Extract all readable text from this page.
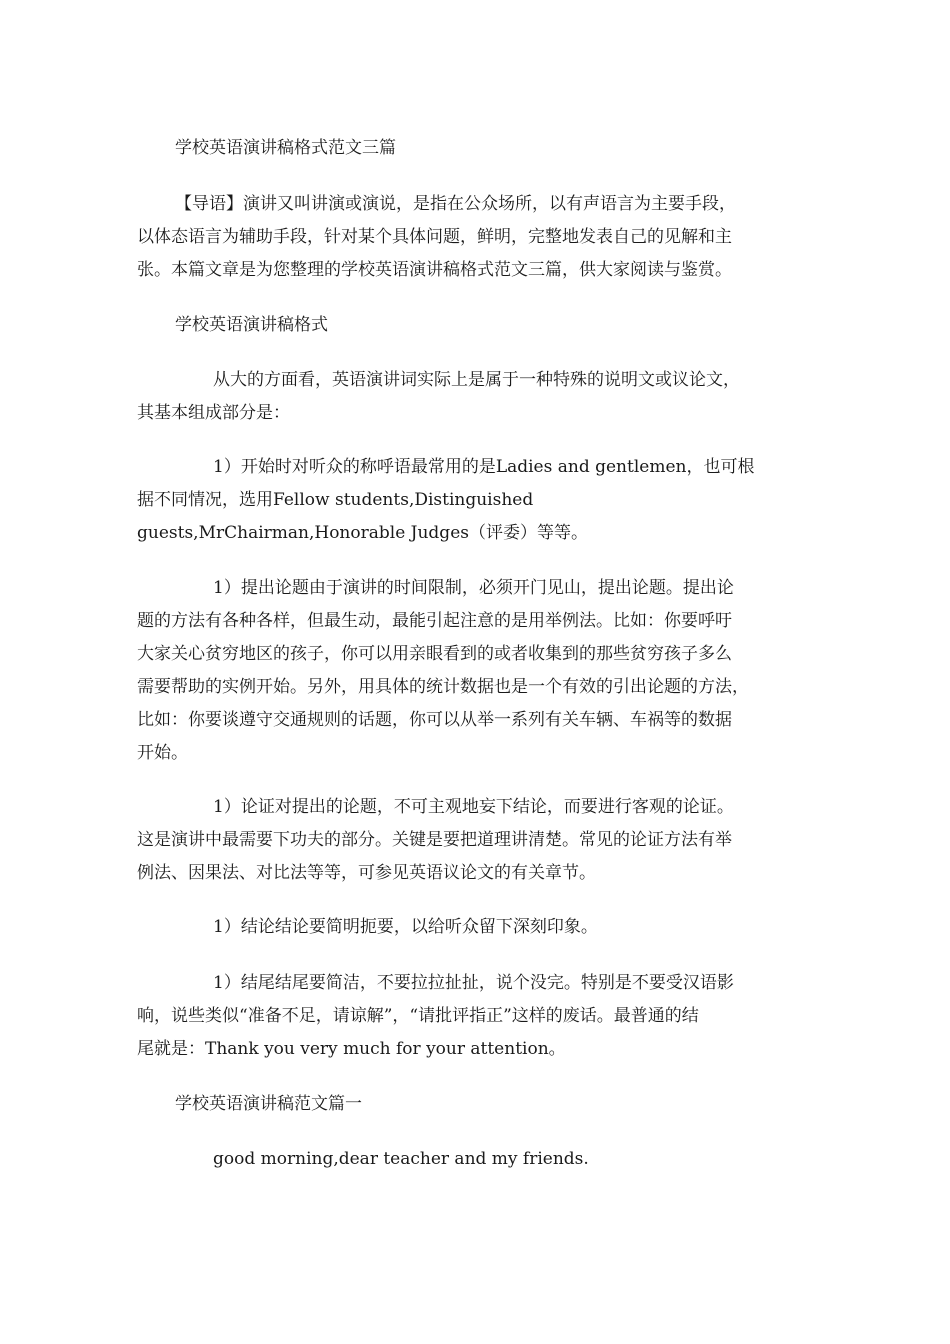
学校英语演讲稿格式范文三篇

【导语】演讲又叫讲演或演说，是指在公众场所，以有声语言为主要手段，
以体态语言为辅助手段，针对某个具体问题，鲜明，完整地发表自己的见解和主
张。本篇文章是为您整理的学校英语演讲稿格式范文三篇，供大家阅读与鉴赏。

学校英语演讲稿格式

从大的方面看，英语演讲词实际上是属于一种特殊的说明文或议论文，
其基本组成部分是：

1）开始时对听众的称呼语最常用的是Ladies and gentlemen，也可根
据不同情况，选用Fellow students,Distinguished
guests,MrChairman,Honorable Judges（评委）等等。

1）提出论题由于演讲的时间限制，必须开门见山，提出论题。提出论
题的方法有各种各样，但最生动，最能引起注意的是用举例法。比如：你要呼吁
大家关心贫穷地区的孩子，你可以用亲眼看到的或者收集到的那些贫穷孩子多么
需要帮助的实例开始。另外，用具体的统计数据也是一个有效的引出论题的方法，
比如：你要谈遵守交通规则的话题，你可以从举一系列有关车辆、车祸等的数据
开始。

1）论证对提出的论题，不可主观地妄下结论，而要进行客观的论证。
这是演讲中最需要下功夫的部分。关键是要把道理讲清楚。常见的论证方法有举
例法、因果法、对比法等等，可参见英语议论文的有关章节。

1）结论结论要简明扼要，以给听众留下深刻印象。

1）结尾结尾要简洁，不要拉拉扯扯，说个没完。特别是不要受汉语影
响，说些类似“准备不足，请谅解”，“请批评指正”这样的废话。最普通的结
尾就是：Thank you very much for your attention。

学校英语演讲稿范文篇一

good morning,dear teacher and my friends.
